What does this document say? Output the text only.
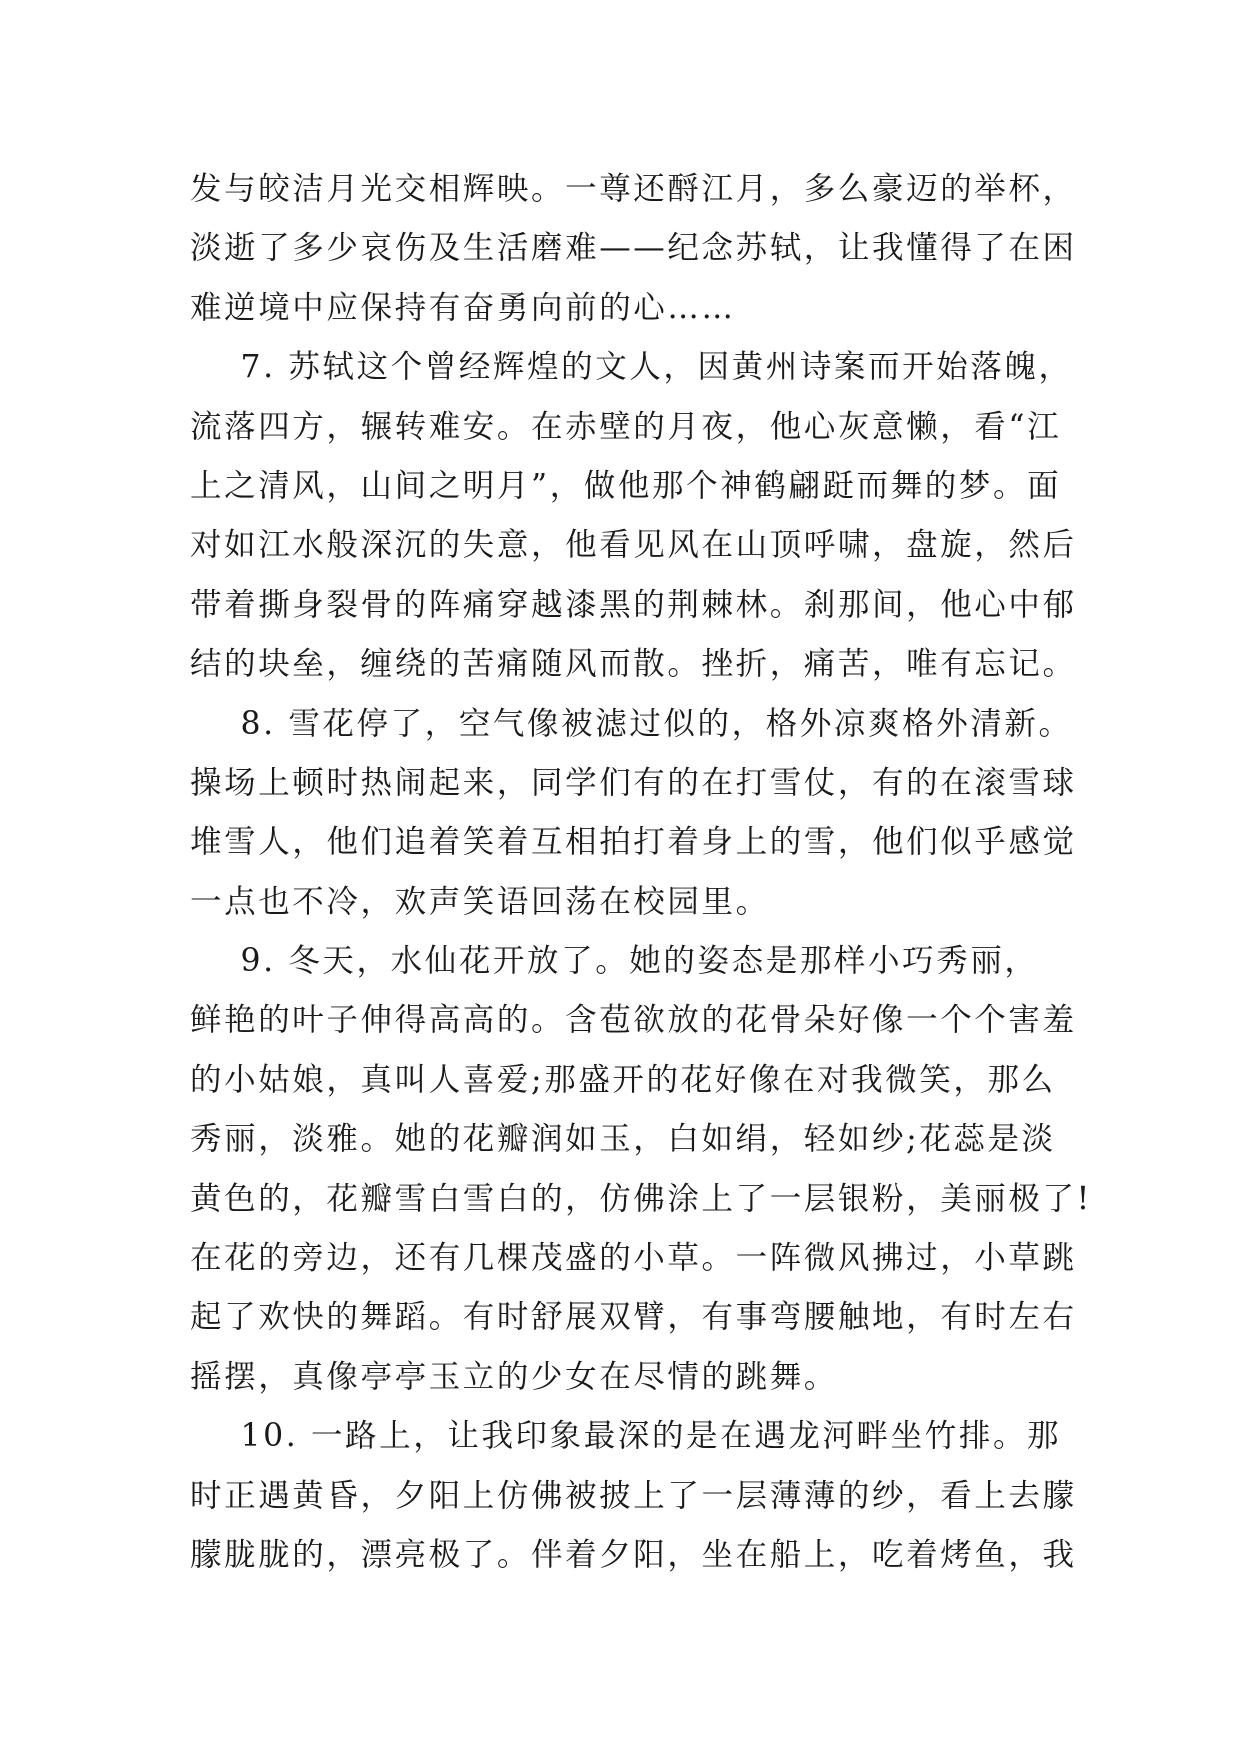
发与皎洁月光交相辉映。一尊还酹江月，多么豪迈的举杯，
淡逝了多少哀伤及生活磨难——纪念苏轼，让我懂得了在困
难逆境中应保持有奋勇向前的心……
7. 苏轼这个曾经辉煌的文人，因黄州诗案而开始落魄，
流落四方，辗转难安。在赤壁的月夜，他心灰意懒，看“江
上之清风，山间之明月”，做他那个神鹤翩跹而舞的梦。面
对如江水般深沉的失意，他看见风在山顶呼啸，盘旋，然后
带着撕身裂骨的阵痛穿越漆黑的荆棘林。刹那间，他心中郁
结的块垒，缠绕的苦痛随风而散。挫折，痛苦，唯有忘记。
8. 雪花停了，空气像被滤过似的，格外凉爽格外清新。
操场上顿时热闹起来，同学们有的在打雪仗，有的在滚雪球
堆雪人，他们追着笑着互相拍打着身上的雪，他们似乎感觉
一点也不冷，欢声笑语回荡在校园里。
9. 冬天，水仙花开放了。她的姿态是那样小巧秀丽，
鲜艳的叶子伸得高高的。含苞欲放的花骨朵好像一个个害羞
的小姑娘，真叫人喜爱;那盛开的花好像在对我微笑，那么
秀丽，淡雅。她的花瓣润如玉，白如绢，轻如纱;花蕊是淡
黄色的，花瓣雪白雪白的，仿佛涂上了一层银粉，美丽极了!
在花的旁边，还有几棵茂盛的小草。一阵微风拂过，小草跳
起了欢快的舞蹈。有时舒展双臂，有事弯腰触地，有时左右
摇摆，真像亭亭玉立的少女在尽情的跳舞。
10. 一路上，让我印象最深的是在遇龙河畔坐竹排。那
时正遇黄昏，夕阳上仿佛被披上了一层薄薄的纱，看上去朦
朦胧胧的，漂亮极了。伴着夕阳，坐在船上，吃着烤鱼，我
